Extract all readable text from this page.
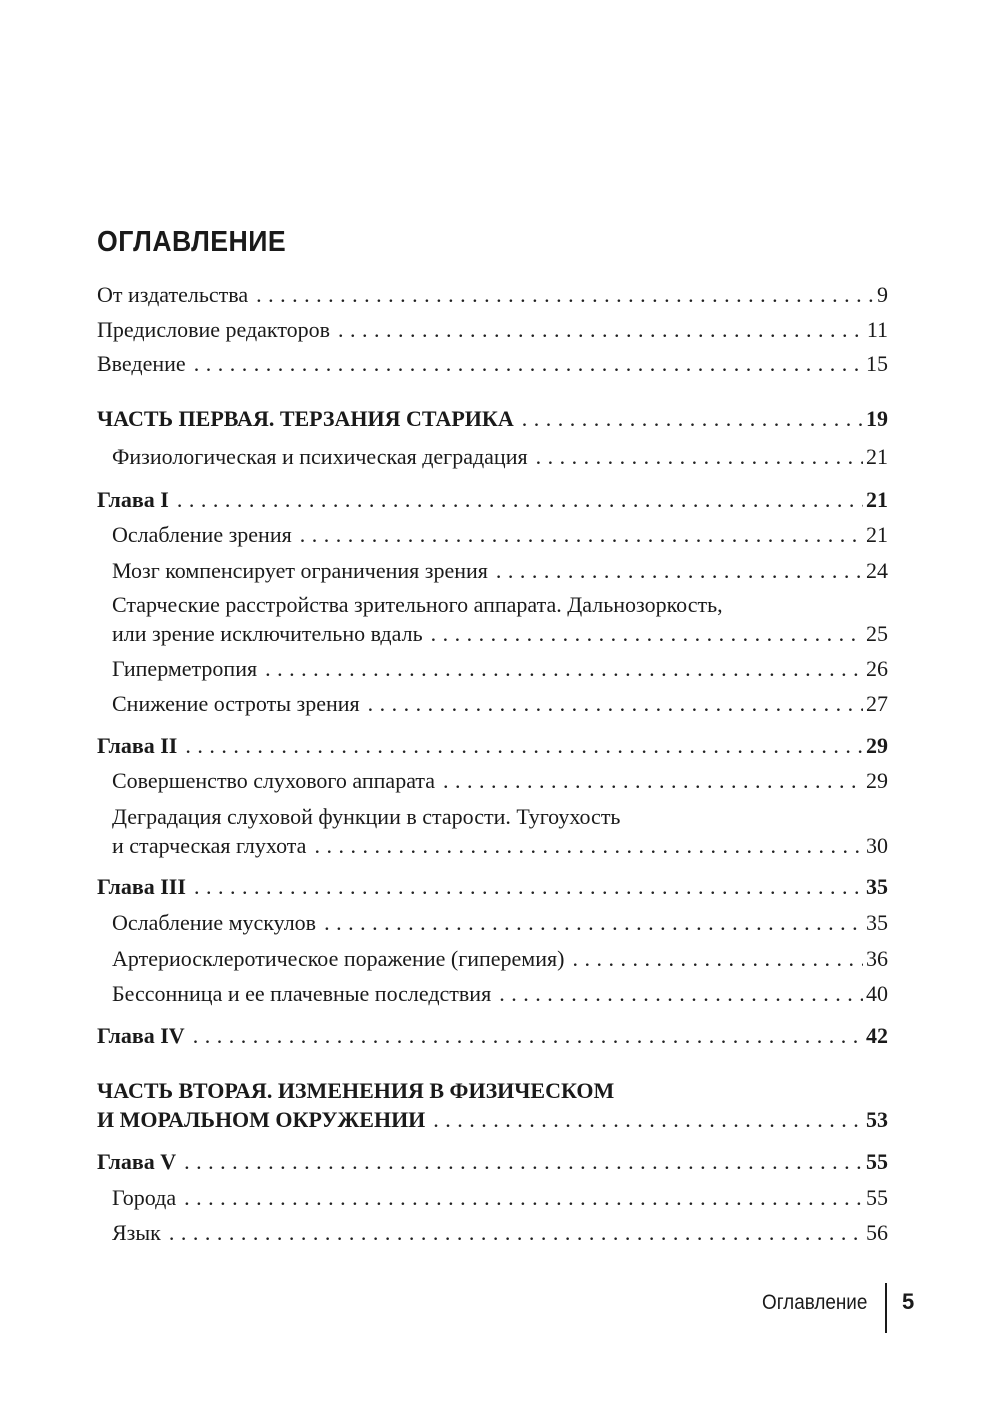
ОГЛАВЛЕНИЕ
От издательства . . .	9
Предисловие редакторов . . .	11
Введение . . .	15
ЧАСТЬ ПЕРВАЯ. ТЕРЗАНИЯ СТАРИКА . . .	19
Физиологическая и психическая деградация . . .	21
Глава I . . .	21
Ослабление зрения . . .	21
Мозг компенсирует ограничения зрения . . .	24
Старческие расстройства зрительного аппарата. Дальнозоркость,
или зрение исключительно вдаль . . .	25
Гиперметропия . . .	26
Снижение остроты зрения . . .	27
Глава II . . .	29
Совершенство слухового аппарата . . .	29
Деградация слуховой функции в старости. Тугоухость
и старческая глухота . . .	30
Глава III . . .	35
Ослабление мускулов . . .	35
Артериосклеротическое поражение (гиперемия) . . .	36
Бессонница и ее плачевные последствия . . .	40
Глава IV . . .	42
ЧАСТЬ ВТОРАЯ. ИЗМЕНЕНИЯ В ФИЗИЧЕСКОМ
И МОРАЛЬНОМ ОКРУЖЕНИИ . . .	53
Глава V . . .	55
Города . . .	55
Язык . . .	56
Оглавление 5
